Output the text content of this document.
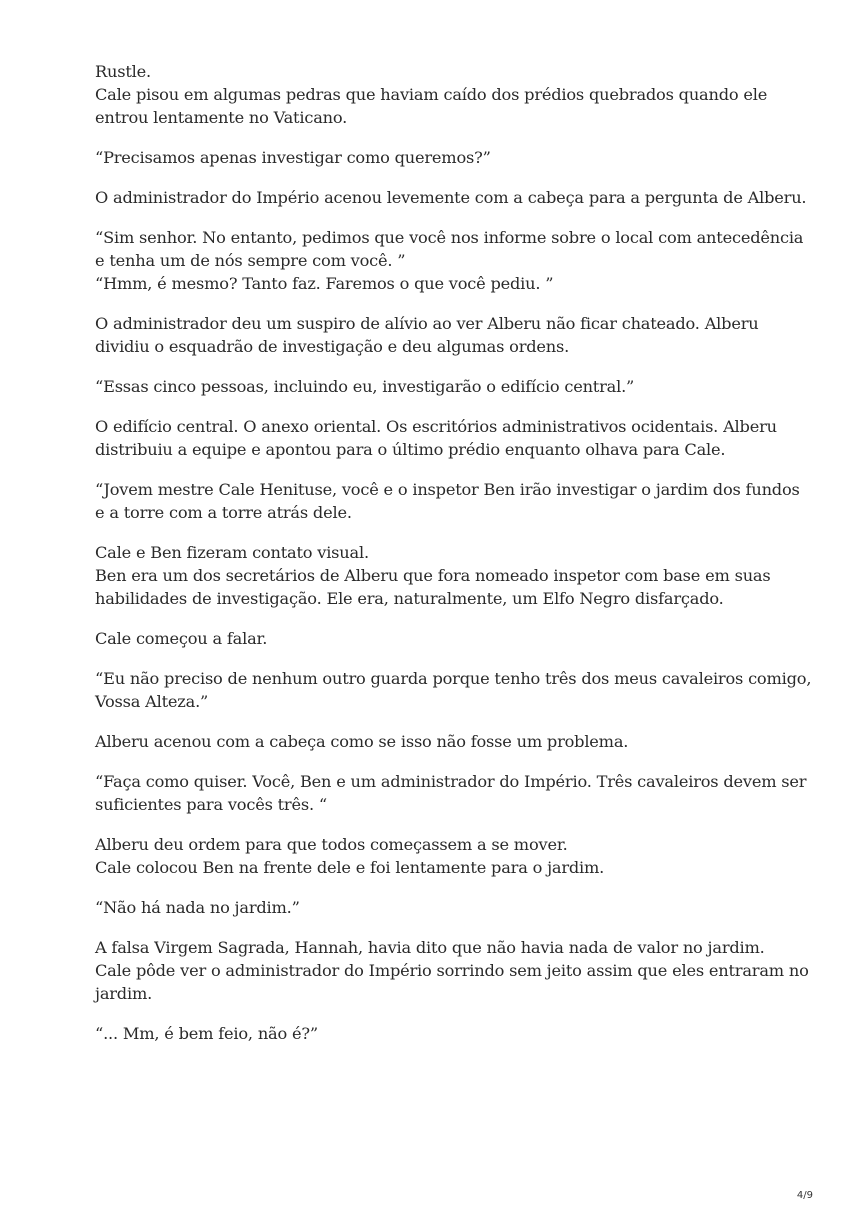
Rustle.
Cale pisou em algumas pedras que haviam caído dos prédios quebrados quando ele
entrou lentamente no Vaticano.

“Precisamos apenas investigar como queremos?”

O administrador do Império acenou levemente com a cabeça para a pergunta de Alberu.

“Sim senhor. No entanto, pedimos que você nos informe sobre o local com antecedência
e tenha um de nós sempre com você. ”
“Hmm, é mesmo? Tanto faz. Faremos o que você pediu. ”

O administrador deu um suspiro de alívio ao ver Alberu não ficar chateado. Alberu
dividiu o esquadrão de investigação e deu algumas ordens.

“Essas cinco pessoas, incluindo eu, investigarão o edifício central.”

O edifício central. O anexo oriental. Os escritórios administrativos ocidentais. Alberu
distribuiu a equipe e apontou para o último prédio enquanto olhava para Cale.

“Jovem mestre Cale Henituse, você e o inspetor Ben irão investigar o jardim dos fundos
e a torre com a torre atrás dele.

Cale e Ben fizeram contato visual.
Ben era um dos secretários de Alberu que fora nomeado inspetor com base em suas
habilidades de investigação. Ele era, naturalmente, um Elfo Negro disfarçado.

Cale começou a falar.

“Eu não preciso de nenhum outro guarda porque tenho três dos meus cavaleiros comigo,
Vossa Alteza.”

Alberu acenou com a cabeça como se isso não fosse um problema.

“Faça como quiser. Você, Ben e um administrador do Império. Três cavaleiros devem ser
suficientes para vocês três. “

Alberu deu ordem para que todos começassem a se mover.
Cale colocou Ben na frente dele e foi lentamente para o jardim.

“Não há nada no jardim.”

A falsa Virgem Sagrada, Hannah, havia dito que não havia nada de valor no jardim.
Cale pôde ver o administrador do Império sorrindo sem jeito assim que eles entraram no
jardim.

“... Mm, é bem feio, não é?”

4/9
